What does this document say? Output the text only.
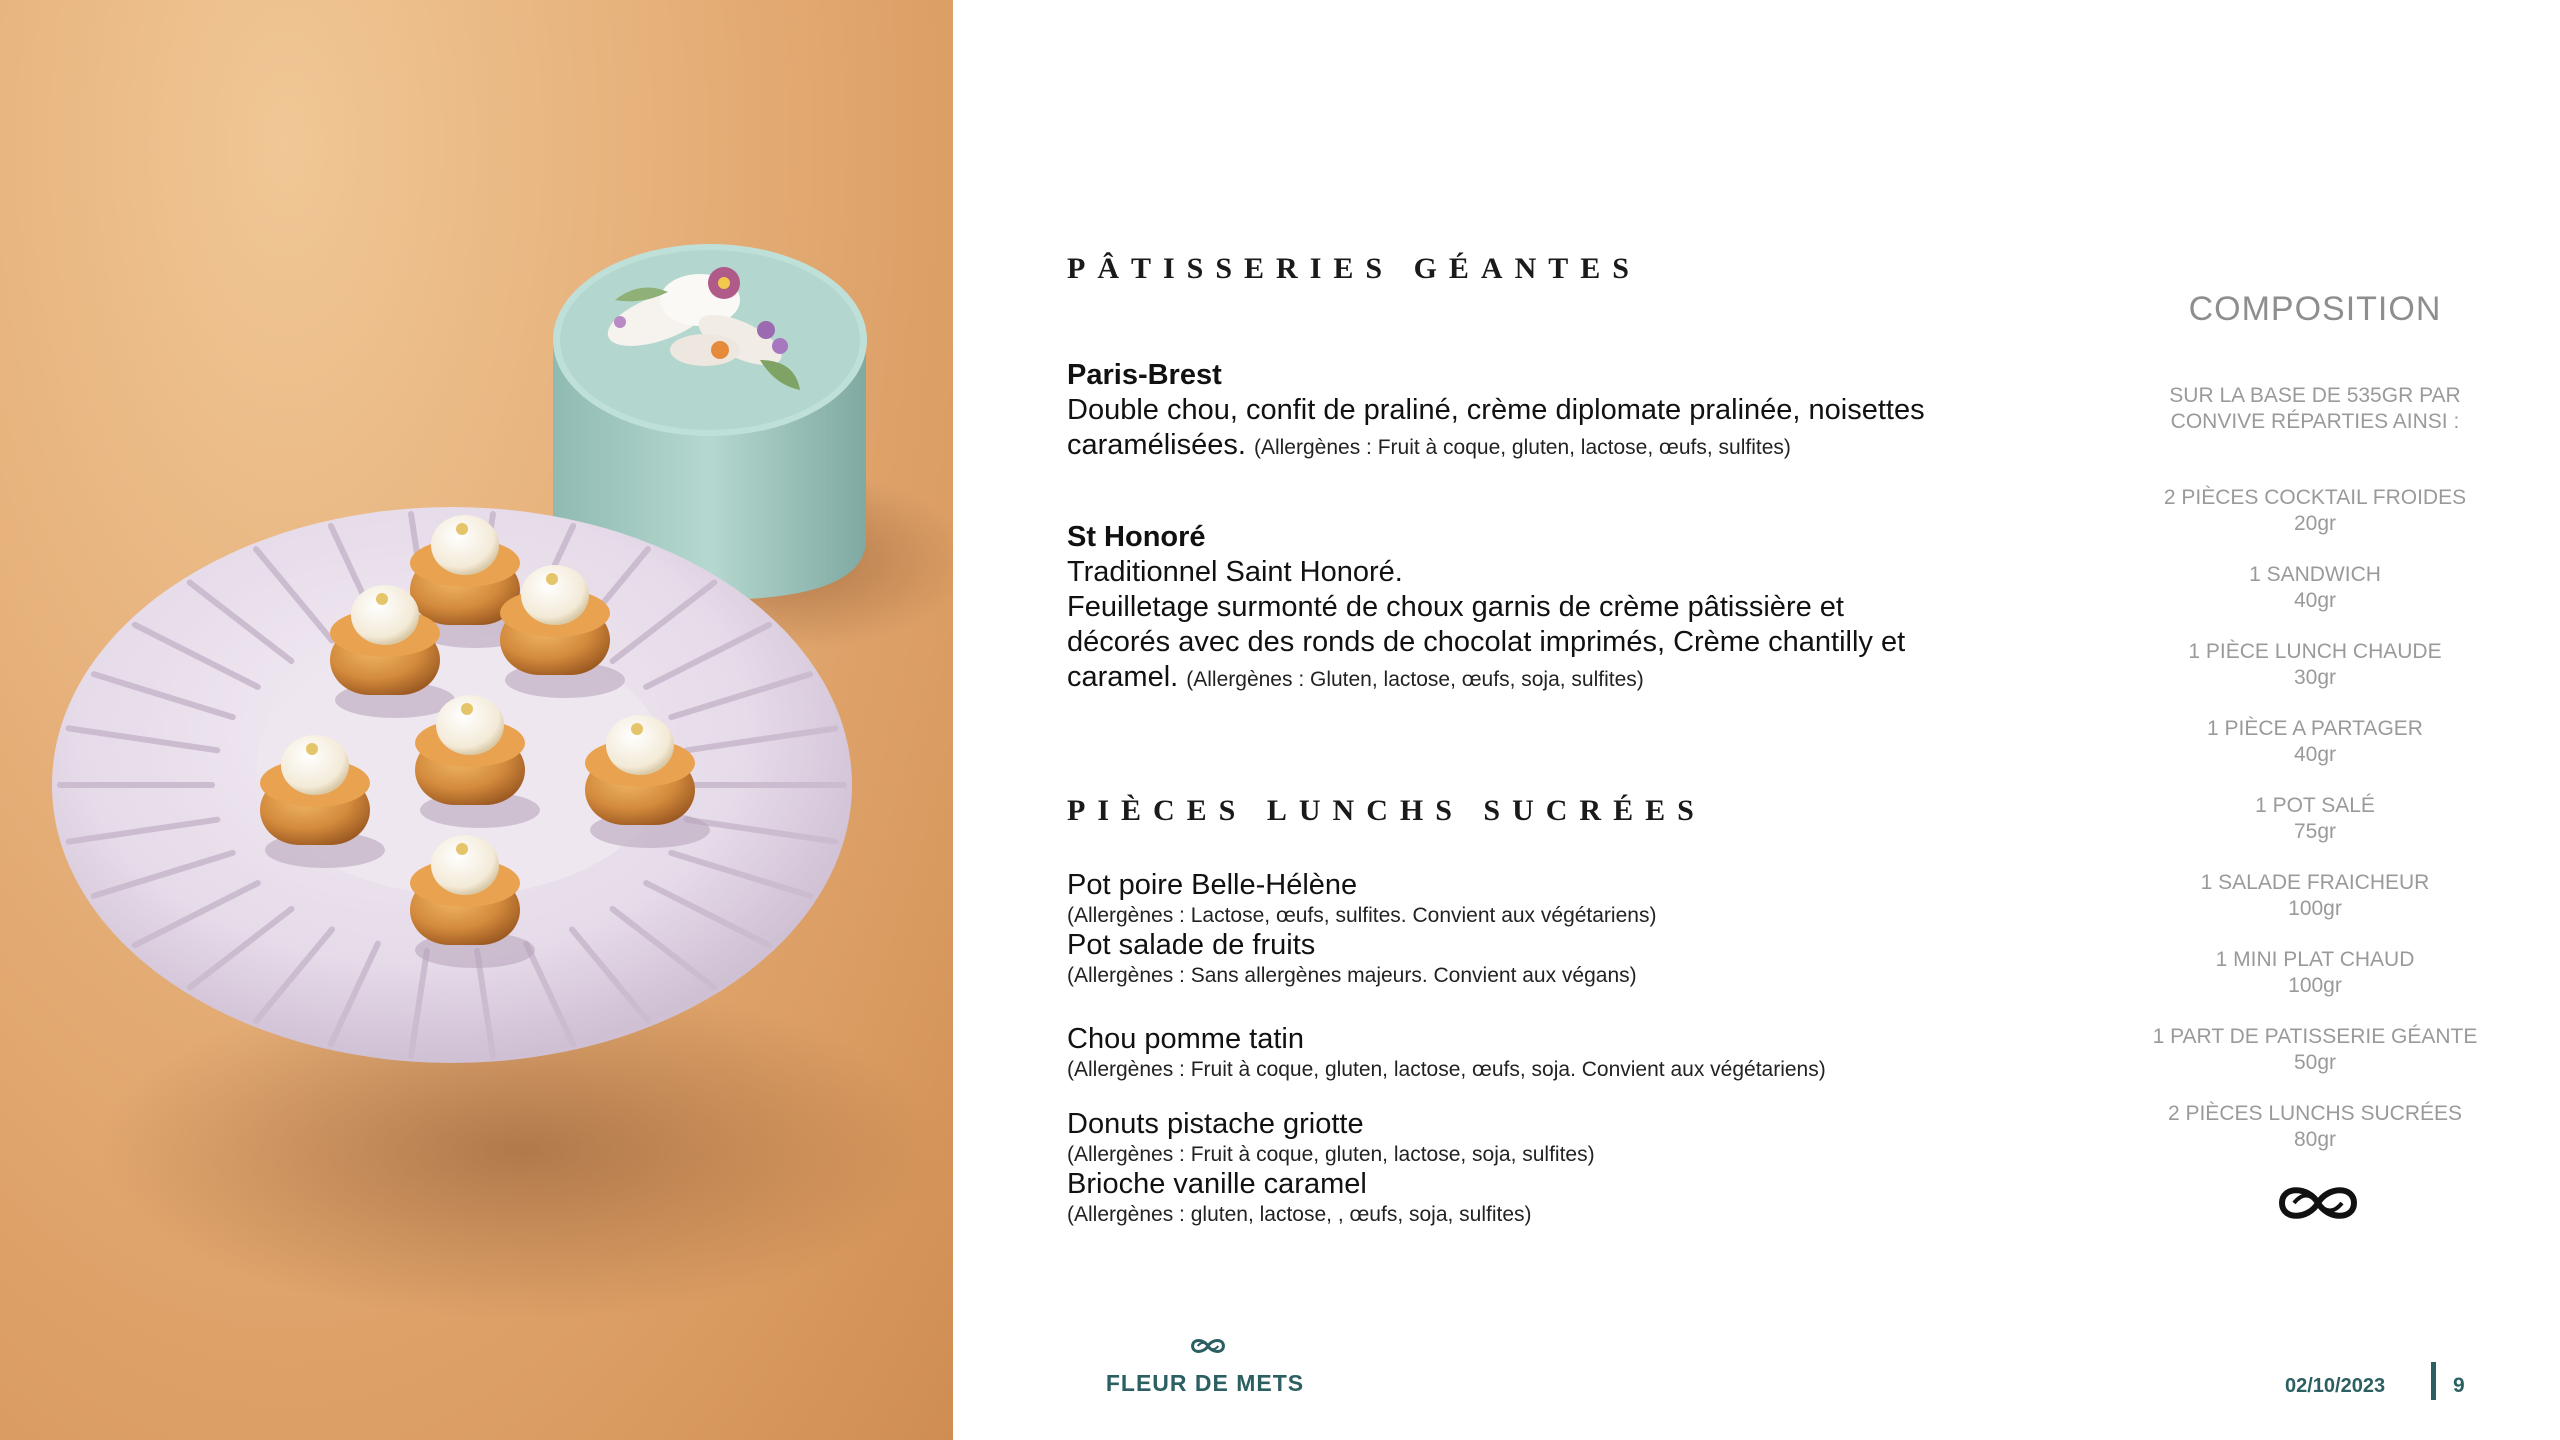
PÂTISSERIES GÉANTES
Paris-Brest
Double chou, confit de praliné, crème diplomate pralinée, noisettes caramélisées. (Allergènes : Fruit à coque, gluten, lactose, œufs, sulfites)
St Honoré
Traditionnel Saint Honoré.
Feuilletage surmonté de choux garnis de crème pâtissière et décorés avec des ronds de chocolat imprimés, Crème chantilly et caramel. (Allergènes : Gluten, lactose, œufs, soja, sulfites)
PIÈCES LUNCHS SUCRÉES
Pot poire Belle-Hélène
(Allergènes : Lactose, œufs, sulfites. Convient aux végétariens)
Pot salade de fruits
(Allergènes : Sans allergènes majeurs. Convient aux végans)
Chou pomme tatin
(Allergènes : Fruit à coque, gluten, lactose, œufs, soja. Convient aux végétariens)
Donuts pistache griotte
(Allergènes : Fruit à coque, gluten, lactose, soja, sulfites)
Brioche vanille caramel
(Allergènes : gluten, lactose, , œufs, soja, sulfites)
COMPOSITION
SUR LA BASE DE 535GR PAR CONVIVE RÉPARTIES AINSI :
2 PIÈCES COCKTAIL FROIDES
20gr
1 SANDWICH
40gr
1 PIÈCE LUNCH CHAUDE
30gr
1 PIÈCE A PARTAGER
40gr
1 POT SALÉ
75gr
1 SALADE FRAICHEUR
100gr
1 MINI PLAT CHAUD
100gr
1 PART DE PATISSERIE GÉANTE
50gr
2 PIÈCES LUNCHS SUCRÉES
80gr
FLEUR DE METS	02/10/2023	9
